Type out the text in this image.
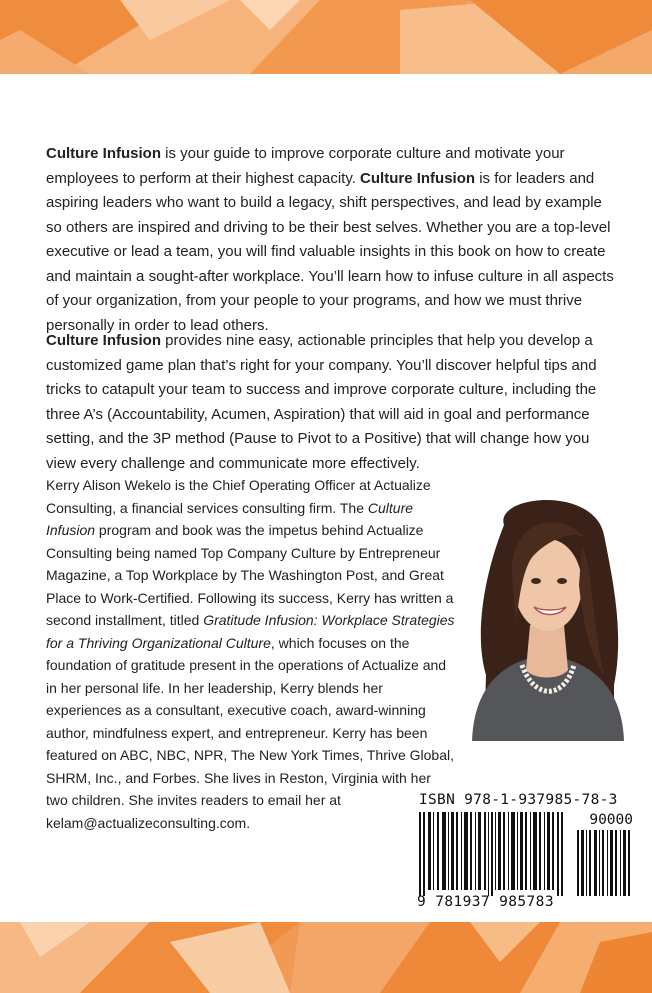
Culture Infusion is your guide to improve corporate culture and motivate your employees to perform at their highest capacity. Culture Infusion is for leaders and aspiring leaders who want to build a legacy, shift perspectives, and lead by example so others are inspired and driving to be their best selves. Whether you are a top-level executive or lead a team, you will find valuable insights in this book on how to create and maintain a sought-after workplace. You’ll learn how to infuse culture in all aspects of your organization, from your people to your programs, and how we must thrive personally in order to lead others.

Culture Infusion provides nine easy, actionable principles that help you develop a customized game plan that’s right for your company. You’ll discover helpful tips and tricks to catapult your team to success and improve corporate culture, including the three A’s (Accountability, Acumen, Aspiration) that will aid in goal and performance setting, and the 3P method (Pause to Pivot to a Positive) that will change how you view every challenge and communicate more effectively.

Kerry Alison Wekelo is the Chief Operating Officer at Actualize Consulting, a financial services consulting firm. The Culture Infusion program and book was the impetus behind Actualize Consulting being named Top Company Culture by Entrepreneur Magazine, a Top Workplace by The Washington Post, and Great Place to Work-Certified. Following its success, Kerry has written a second installment, titled Gratitude Infusion: Workplace Strategies for a Thriving Organizational Culture, which focuses on the foundation of gratitude present in the operations of Actualize and in her personal life. In her leadership, Kerry blends her experiences as a consultant, executive coach, award-winning author, mindfulness expert, and entrepreneur. Kerry has been featured on ABC, NBC, NPR, The New York Times, Thrive Global, SHRM, Inc., and Forbes. She lives in Reston, Virginia with her two children. She invites readers to email her at kelam@actualizeconsulting.com.

ISBN 978-1-937985-78-3
90000
9 781937 985783
